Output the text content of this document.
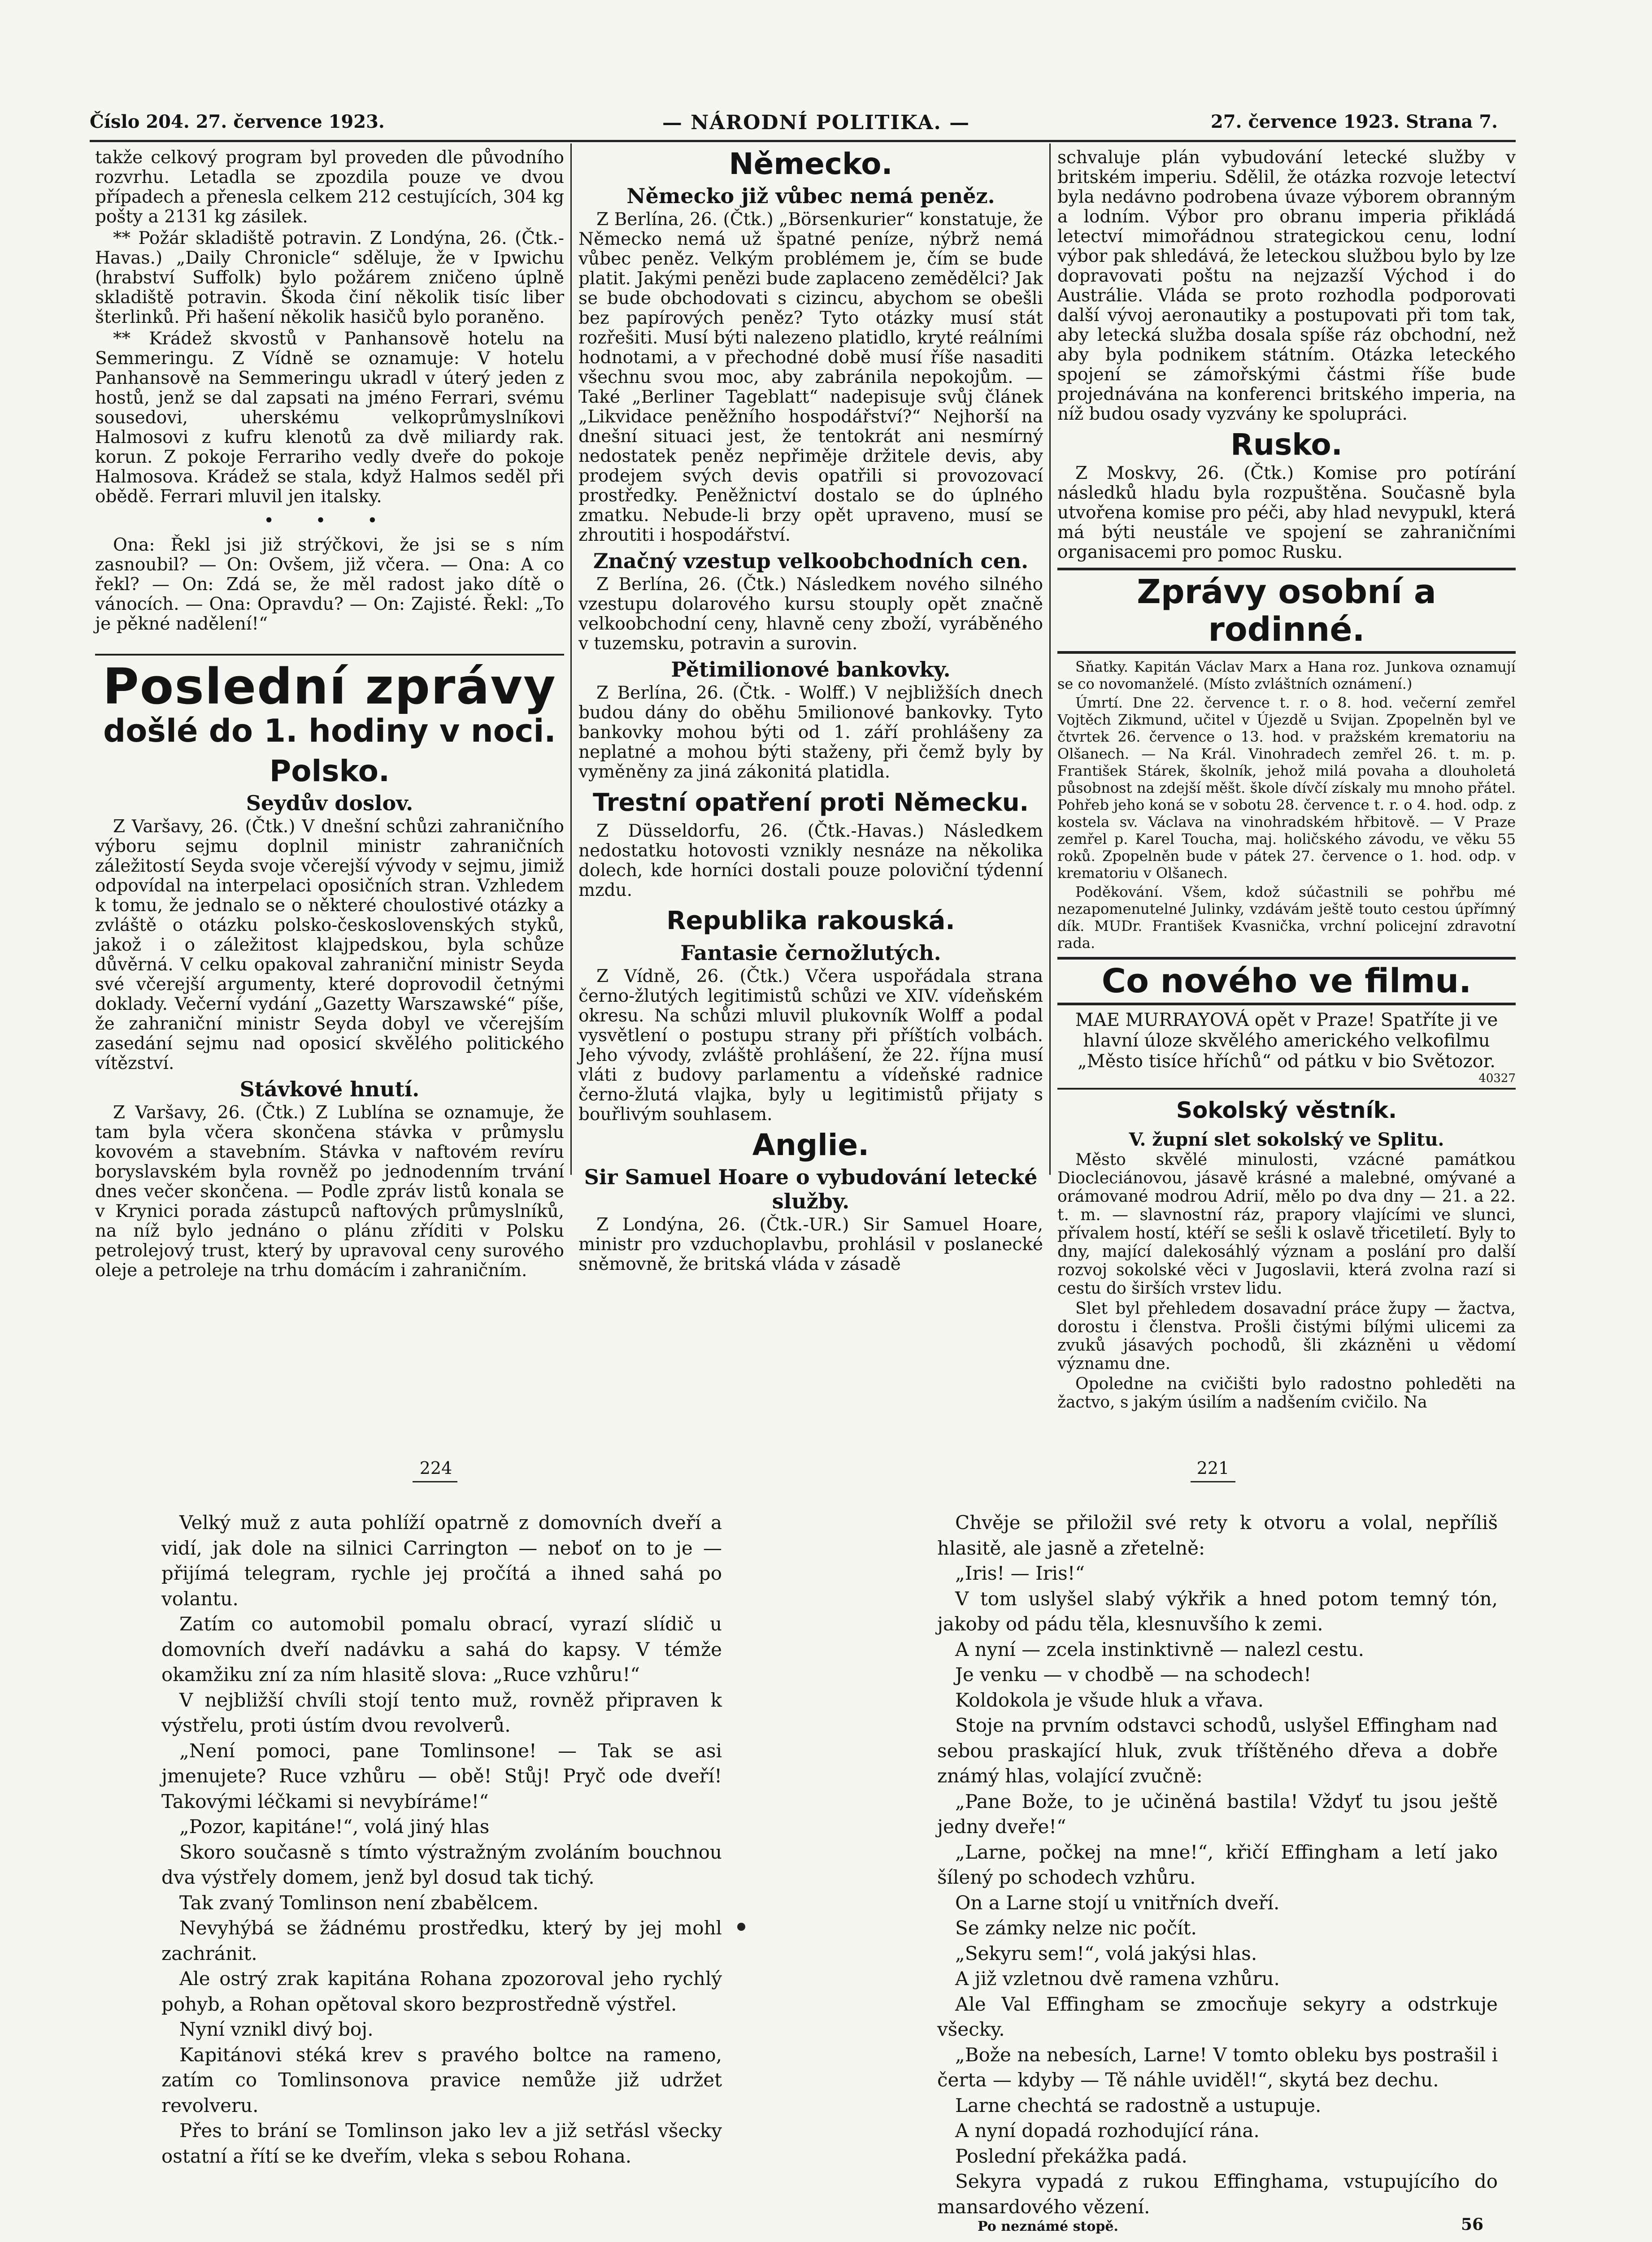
Číslo 204. 27. července 1923.	— NÁRODNÍ POLITIKA. —	27. července 1923. Strana 7.

takže celkový program byl proveden dle původního rozvrhu. Letadla se zpozdila pouze ve dvou případech a přenesla celkem 212 cestujících, 304 kg pošty a 2131 kg zásilek.

** Požár skladiště potravin. Z Londýna, 26. (Čtk.-Havas.) „Daily Chronicle“ sděluje, že v Ipwichu (hrabství Suffolk) bylo požárem zničeno úplně skladiště potravin. Škoda činí několik tisíc liber šterlinků. Při hašení několik hasičů bylo poraněno.

** Krádež skvostů v Panhansově hotelu na Semmeringu. Z Vídně se oznamuje: V hotelu Panhansově na Semmeringu ukradl v úterý jeden z hostů, jenž se dal zapsati na jméno Ferrari, svému sousedovi, uherskému velkoprůmyslníkovi Halmosovi z kufru klenotů za dvě miliardy rak. korun. Z pokoje Ferrariho vedly dveře do pokoje Halmosova. Krádež se stala, když Halmos seděl při obědě. Ferrari mluvil jen italsky.

• • •

Ona: Řekl jsi již strýčkovi, že jsi se s ním zasnoubil? — On: Ovšem, již včera. — Ona: A co řekl? — On: Zdá se, že měl radost jako dítě o vánocích. — Ona: Opravdu? — On: Zajisté. Řekl: „To je pěkné nadělení!“

Poslední zprávy
došlé do 1. hodiny v noci.
Polsko.
Seydův doslov.

Z Varšavy, 26. (Čtk.) V dnešní schůzi zahraničního výboru sejmu doplnil ministr zahraničních záležitostí Seyda svoje včerejší vývody v sejmu, jimiž odpovídal na interpelaci oposičních stran. Vzhledem k tomu, že jednalo se o některé choulostivé otázky a zvláště o otázku polsko-československých styků, jakož i o záležitost klajpedskou, byla schůze důvěrná. V celku opakoval zahraniční ministr Seyda své včerejší argumenty, které doprovodil četnými doklady. Večerní vydání „Gazetty Warszawské“ píše, že zahraniční ministr Seyda dobyl ve včerejším zasedání sejmu nad oposicí skvělého politického vítězství.

Stávkové hnutí.

Z Varšavy, 26. (Čtk.) Z Lublína se oznamuje, že tam byla včera skončena stávka v průmyslu kovovém a stavebním. Stávka v naftovém revíru boryslavském byla rovněž po jednodenním trvání dnes večer skončena. — Podle zpráv listů konala se v Krynici porada zástupců naftových průmyslníků, na níž bylo jednáno o plánu zříditi v Polsku petrolejový trust, který by upravoval ceny surového oleje a petroleje na trhu domácím i zahraničním.

Německo.
Německo již vůbec nemá peněz.

Z Berlína, 26. (Čtk.) „Börsenkurier“ konstatuje, že Německo nemá už špatné peníze, nýbrž nemá vůbec peněz. Velkým problémem je, čím se bude platit. Jakými penězi bude zaplaceno zemědělci? Jak se bude obchodovati s cizincu, abychom se obešli bez papírových peněz? Tyto otázky musí stát rozřešiti. Musí býti nalezeno platidlo, kryté reálními hodnotami, a v přechodné době musí říše nasaditi všechnu svou moc, aby zabránila nepokojům. — Také „Berliner Tageblatt“ nadepisuje svůj článek „Likvidace peněžního hospodářství?“ Nejhorší na dnešní situaci jest, že tentokrát ani nesmírný nedostatek peněz nepřiměje držitele devis, aby prodejem svých devis opatřili si provozovací prostředky. Peněžnictví dostalo se do úplného zmatku. Nebude-li brzy opět upraveno, musí se zhroutiti i hospodářství.

Značný vzestup velkoobchodních cen.

Z Berlína, 26. (Čtk.) Následkem nového silného vzestupu dolarového kursu stouply opět značně velkoobchodní ceny, hlavně ceny zboží, vyráběného v tuzemsku, potravin a surovin.

Pětimilionové bankovky.

Z Berlína, 26. (Čtk. - Wolff.) V nejbližších dnech budou dány do oběhu 5milionové bankovky. Tyto bankovky mohou býti od 1. září prohlášeny za neplatné a mohou býti staženy, při čemž byly by vyměněny za jiná zákonitá platidla.

Trestní opatření proti Německu.

Z Düsseldorfu, 26. (Čtk.-Havas.) Následkem nedostatku hotovosti vznikly nesnáze na několika dolech, kde horníci dostali pouze poloviční týdenní mzdu.

Republika rakouská.
Fantasie černožlutých.

Z Vídně, 26. (Čtk.) Včera uspořádala strana černo-žlutých legitimistů schůzi ve XIV. vídeňském okresu. Na schůzi mluvil plukovník Wolff a podal vysvětlení o postupu strany při příštích volbách. Jeho vývody, zvláště prohlášení, že 22. října musí vláti z budovy parlamentu a vídeňské radnice černo-žlutá vlajka, byly u legitimistů přijaty s bouřlivým souhlasem.

Anglie.
Sir Samuel Hoare o vybudování letecké služby.

Z Londýna, 26. (Čtk.-UR.) Sir Samuel Hoare, ministr pro vzduchoplavbu, prohlásil v poslanecké sněmovně, že britská vláda v zásadě

schvaluje plán vybudování letecké služby v britském imperiu. Sdělil, že otázka rozvoje letectví byla nedávno podrobena úvaze výborem obranným a lodním. Výbor pro obranu imperia přikládá letectví mimořádnou strategickou cenu, lodní výbor pak shledává, že leteckou službou bylo by lze dopravovati poštu na nejzazší Východ i do Austrálie. Vláda se proto rozhodla podporovati další vývoj aeronautiky a postupovati při tom tak, aby letecká služba dosala spíše ráz obchodní, než aby byla podnikem státním. Otázka leteckého spojení se zámořskými částmi říše bude projednávána na konferenci britského imperia, na níž budou osady vyzvány ke spolupráci.

Rusko.

Z Moskvy, 26. (Čtk.) Komise pro potírání následků hladu byla rozpuštěna. Současně byla utvořena komise pro péči, aby hlad nevypukl, která má býti neustále ve spojení se zahraničními organisacemi pro pomoc Rusku.

Zprávy osobní a rodinné.

Sňatky. Kapitán Václav Marx a Hana roz. Junkova oznamují se co novomanželé. (Místo zvláštních oznámení.)

Úmrtí. Dne 22. července t. r. o 8. hod. večerní zemřel Vojtěch Zikmund, učitel v Újezdě u Svijan. Zpopelněn byl ve čtvrtek 26. července o 13. hod. v pražském krematoriu na Olšanech. — Na Král. Vinohradech zemřel 26. t. m. p. František Stárek, školník, jehož milá povaha a dlouholetá působnost na zdejší měšt. škole dívčí získaly mu mnoho přátel. Pohřeb jeho koná se v sobotu 28. července t. r. o 4. hod. odp. z kostela sv. Václava na vinohradském hřbitově. — V Praze zemřel p. Karel Toucha, maj. holičského závodu, ve věku 55 roků. Zpopelněn bude v pátek 27. července o 1. hod. odp. v krematoriu v Olšanech.

Poděkování. Všem, kdož súčastnili se pohřbu mé nezapomenutelné Julinky, vzdávám ještě touto cestou úpřímný dík. MUDr. František Kvasnička, vrchní policejní zdravotní rada.

Co nového ve filmu.
MAE MURRAYOVÁ opět v Praze! Spatříte ji ve hlavní úloze skvělého amerického velkofilmu „Město tisíce hříchů“ od pátku v bio Světozor.
40327
Sokolský věstník.
V. župní slet sokolský ve Splitu.

Město skvělé minulosti, vzácné památkou Diocleciánovou, jásavě krásné a malebné, omývané a orámované modrou Adrií, mělo po dva dny — 21. a 22. t. m. — slavnostní ráz, prapory vlajícími ve slunci, přívalem hostí, ktéří se sešli k oslavě třicetiletí. Byly to dny, mající dalekosáhlý význam a poslání pro další rozvoj sokolské věci v Jugoslavii, která zvolna razí si cestu do širších vrstev lidu.

Slet byl přehledem dosavadní práce župy — žactva, dorostu i členstva. Prošli čistými bílými ulicemi za zvuků jásavých pochodů, šli zkázněni u vědomí významu dne.

Opoledne na cvičišti bylo radostno pohleděti na žactvo, s jakým úsilím a nadšením cvičilo. Na

224	221

Velký muž z auta pohlíží opatrně z domovních dveří a vidí, jak dole na silnici Carrington — neboť on to je — přijímá telegram, rychle jej pročítá a ihned sahá po volantu.

Zatím co automobil pomalu obrací, vyrazí slídič u domovních dveří nadávku a sahá do kapsy. V témže okamžiku zní za ním hlasitě slova: „Ruce vzhůru!“

V nejbližší chvíli stojí tento muž, rovněž připraven k výstřelu, proti ústím dvou revolverů.

„Není pomoci, pane Tomlinsone! — Tak se asi jmenujete? Ruce vzhůru — obě! Stůj! Pryč ode dveří! Takovými léčkami si nevybíráme!“

„Pozor, kapitáne!“, volá jiný hlas

Skoro současně s tímto výstražným zvoláním bouchnou dva výstřely domem, jenž byl dosud tak tichý.

Tak zvaný Tomlinson není zbabělcem.

Nevyhýbá se žádnému prostředku, který by jej mohl zachránit.

Ale ostrý zrak kapitána Rohana zpozoroval jeho rychlý pohyb, a Rohan opětoval skoro bezprostředně výstřel.

Nyní vznikl divý boj.

Kapitánovi stéká krev s pravého boltce na rameno, zatím co Tomlinsonova pravice nemůže již udržet revolveru.

Přes to brání se Tomlinson jako lev a již setřásl všecky ostatní a řítí se ke dveřím, vleka s sebou Rohana.

Chvěje se přiložil své rety k otvoru a volal, nepříliš hlasitě, ale jasně a zřetelně:

„Iris! — Iris!“

V tom uslyšel slabý výkřik a hned potom temný tón, jakoby od pádu těla, klesnuvšího k zemi.

A nyní — zcela instinktivně — nalezl cestu.

Je venku — v chodbě — na schodech!

Koldokola je všude hluk a vřava.

Stoje na prvním odstavci schodů, uslyšel Effingham nad sebou praskající hluk, zvuk tříštěného dřeva a dobře známý hlas, volající zvučně:

„Pane Bože, to je učiněná bastila! Vždyť tu jsou ještě jedny dveře!“

„Larne, počkej na mne!“, křičí Effingham a letí jako šílený po schodech vzhůru.

On a Larne stojí u vnitřních dveří.

Se zámky nelze nic počít.

„Sekyru sem!“, volá jakýsi hlas.

A již vzletnou dvě ramena vzhůru.

Ale Val Effingham se zmocňuje sekyry a odstrkuje všecky.

„Bože na nebesích, Larne! V tomto obleku bys postrašil i čerta — kdyby — Tě náhle uviděl!“, skytá bez dechu.

Larne chechtá se radostně a ustupuje.

A nyní dopadá rozhodující rána.

Poslední překážka padá.

Sekyra vypadá z rukou Effinghama, vstupujícího do mansardového vězení.

Po neznámé stopě.	56
